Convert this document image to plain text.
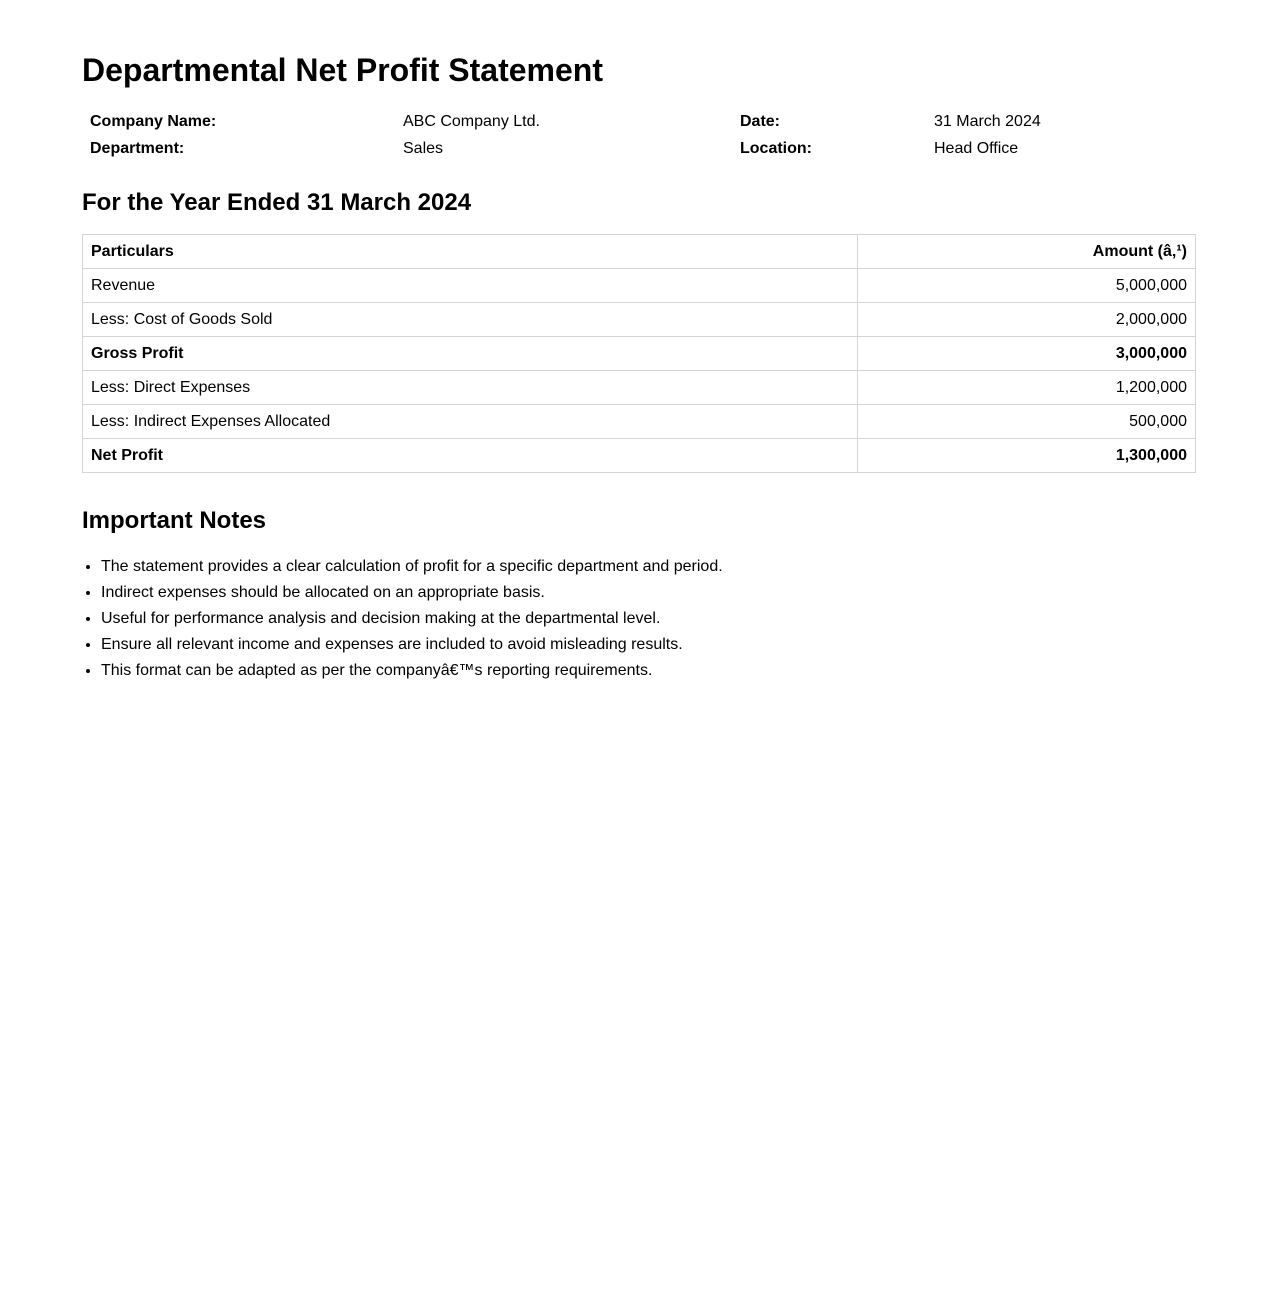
Departmental Net Profit Statement
Company Name:	ABC Company Ltd.	Date:	31 March 2024
Department:	Sales	Location:	Head Office
For the Year Ended 31 March 2024
Particulars	Amount (â‚¹)
Revenue	5,000,000
Less: Cost of Goods Sold	2,000,000
Gross Profit	3,000,000
Less: Direct Expenses	1,200,000
Less: Indirect Expenses Allocated	500,000
Net Profit	1,300,000
Important Notes
• The statement provides a clear calculation of profit for a specific department and period.
• Indirect expenses should be allocated on an appropriate basis.
• Useful for performance analysis and decision making at the departmental level.
• Ensure all relevant income and expenses are included to avoid misleading results.
• This format can be adapted as per the companyâ€™s reporting requirements.
